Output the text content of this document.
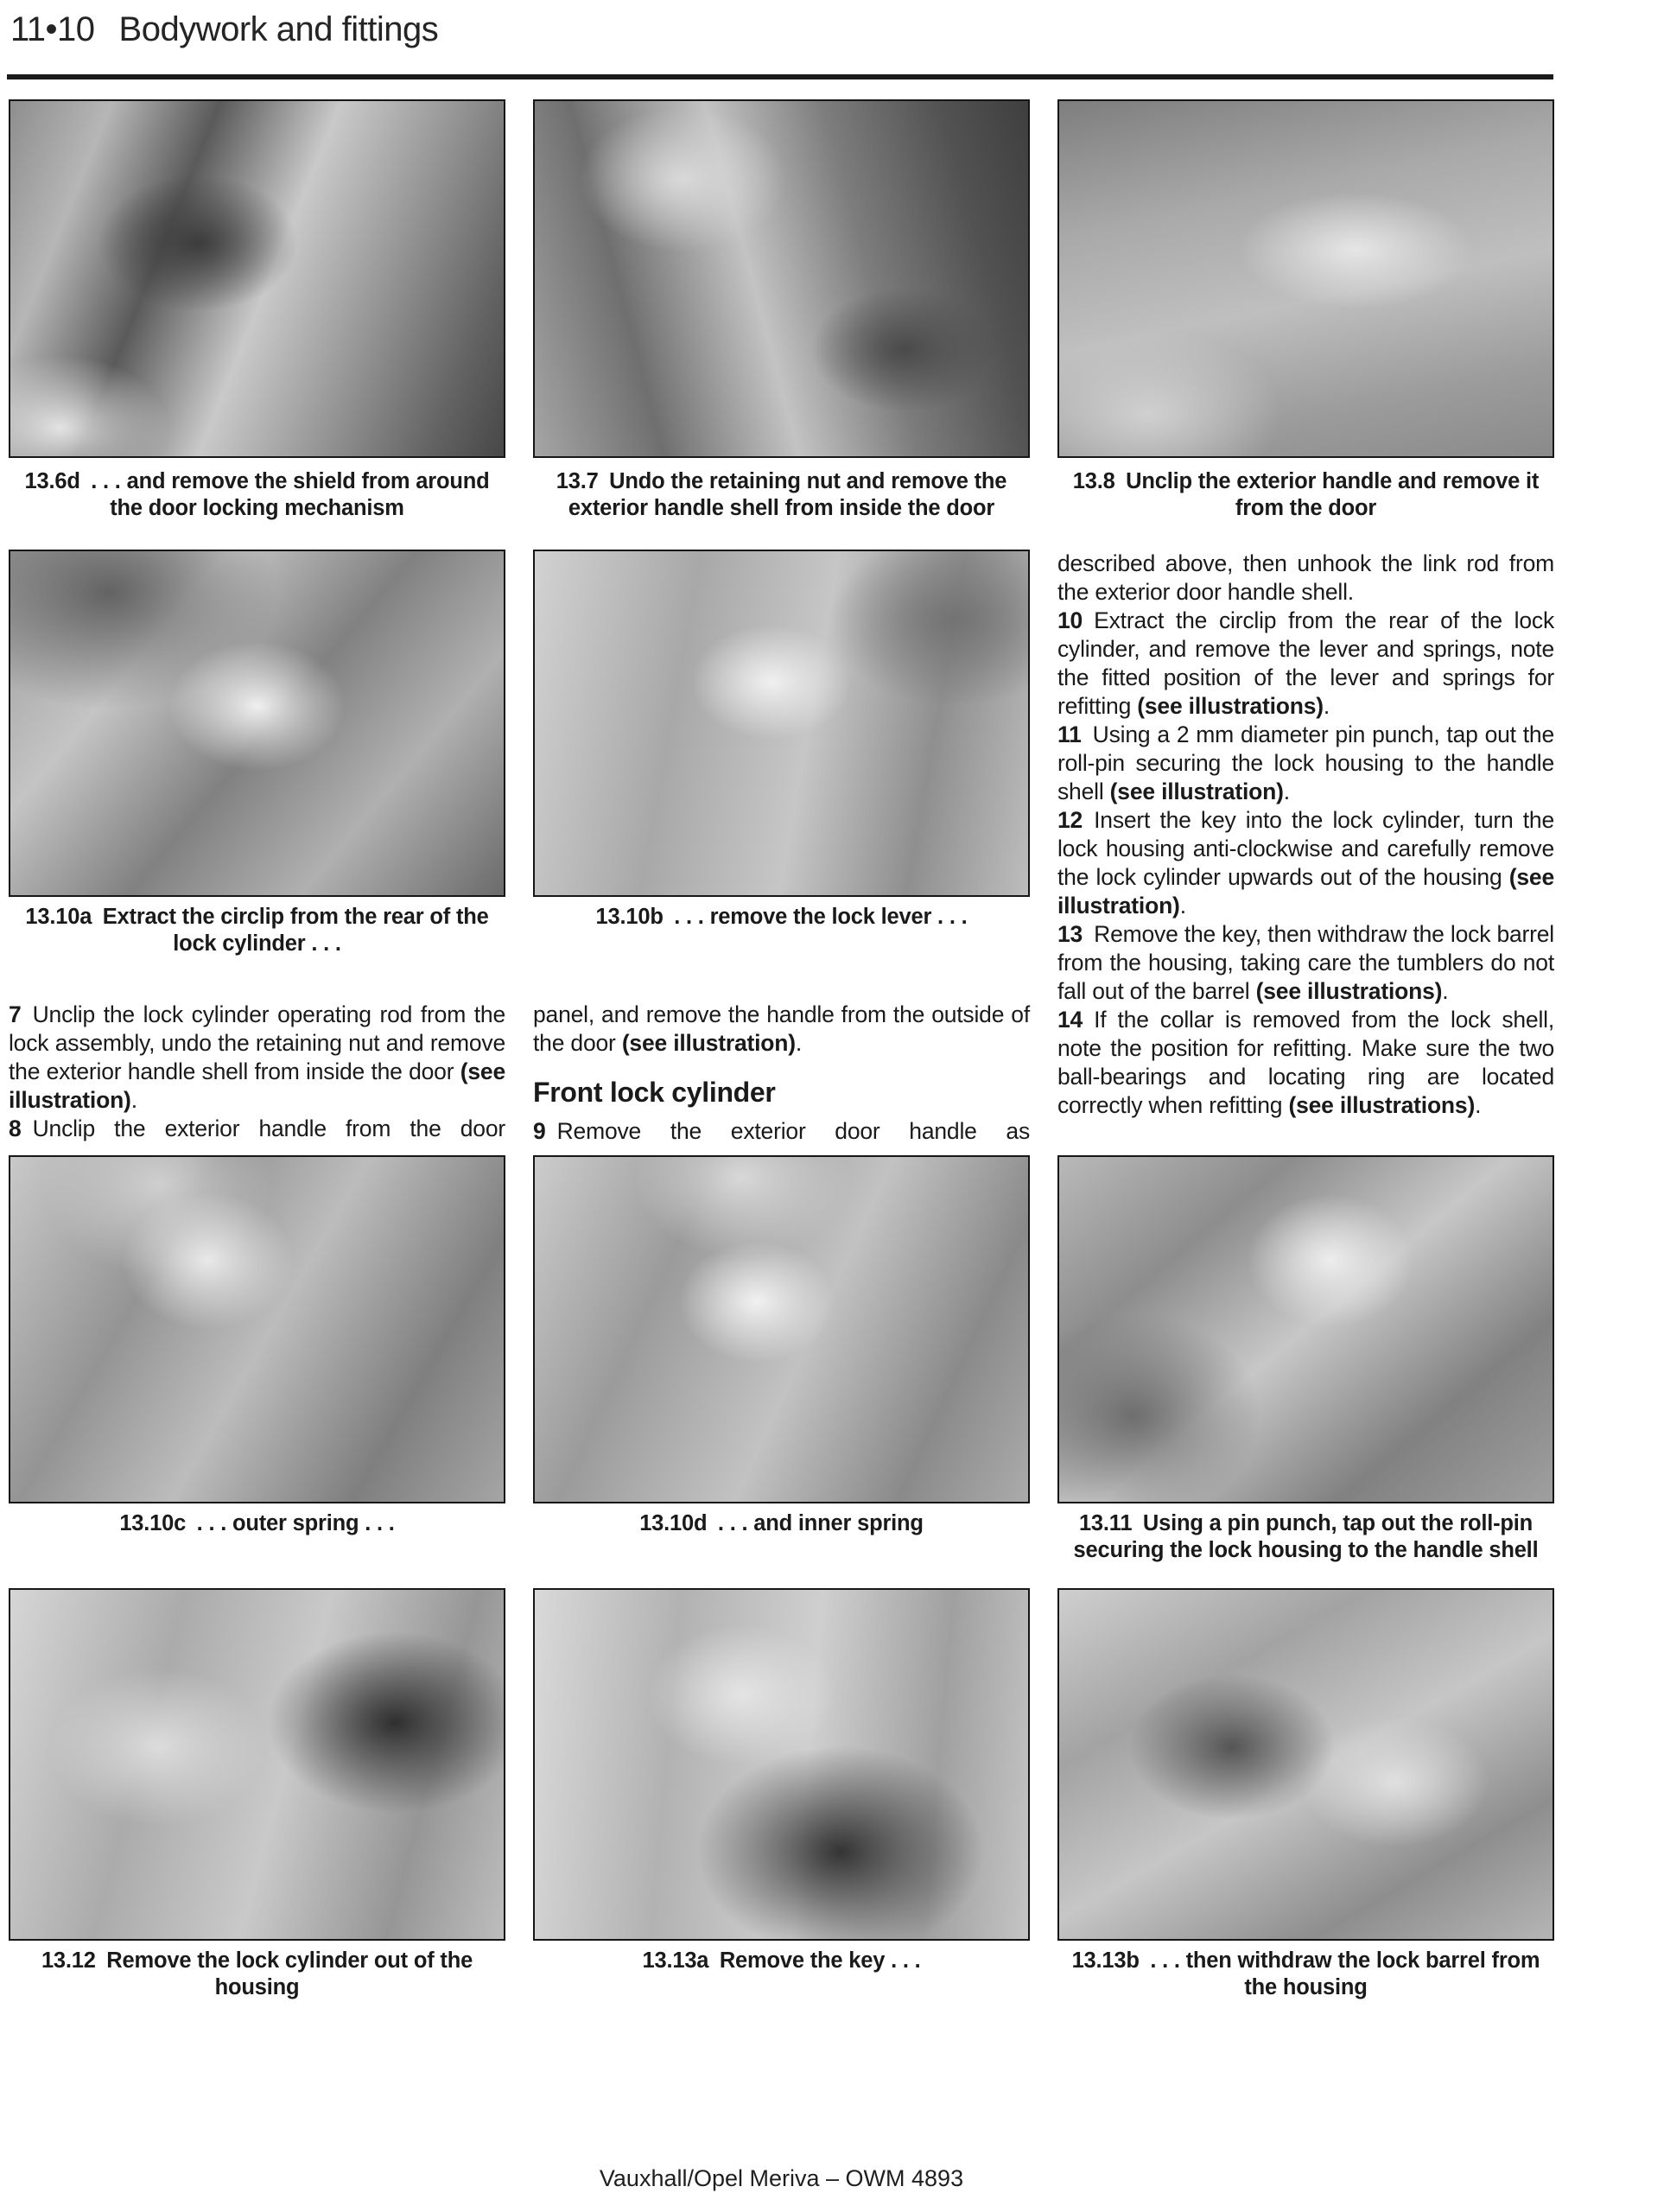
11•10 Bodywork and fittings
13.6d . . . and remove the shield from around the door locking mechanism
13.7 Undo the retaining nut and remove the exterior handle shell from inside the door
13.8 Unclip the exterior handle and remove it from the door
13.10a Extract the circlip from the rear of the lock cylinder . . .

7 Unclip the lock cylinder operating rod from the lock assembly, undo the retaining nut and remove the exterior handle shell from inside the door (see illustration).

8 Unclip the exterior handle from the door

13.10b . . . remove the lock lever . . .

panel, and remove the handle from the outside of the door (see illustration).

Front lock cylinder

9 Remove the exterior door handle as

described above, then unhook the link rod from the exterior door handle shell.

10 Extract the circlip from the rear of the lock cylinder, and remove the lever and springs, note the fitted position of the lever and springs for refitting (see illustrations).

11 Using a 2 mm diameter pin punch, tap out the roll-pin securing the lock housing to the handle shell (see illustration).

12 Insert the key into the lock cylinder, turn the lock housing anti-clockwise and carefully remove the lock cylinder upwards out of the housing (see illustration).

13 Remove the key, then withdraw the lock barrel from the housing, taking care the tumblers do not fall out of the barrel (see illustrations).

14 If the collar is removed from the lock shell, note the position for refitting. Make sure the two ball-bearings and locating ring are located correctly when refitting (see illustrations).

13.10c . . . outer spring . . .	13.10d . . . and inner spring	13.11 Using a pin punch, tap out the roll-pin securing the lock housing to the handle shell
13.12 Remove the lock cylinder out of the housing
13.13a Remove the key . . .	13.13b . . . then withdraw the lock barrel from the housing
Vauxhall/Opel Meriva – OWM 4893
